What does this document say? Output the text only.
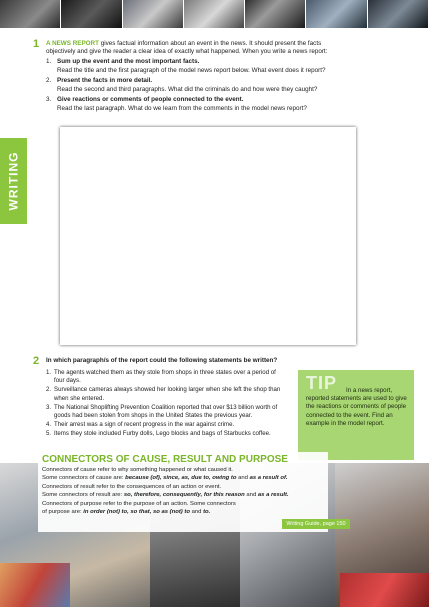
WRITING
1 A NEWS REPORT gives factual information about an event in the news. It should present the facts
objectively and give the reader a clear idea of exactly what happened. When you write a news report:
1. Sum up the event and the most important facts.
Read the title and the first paragraph of the model news report below. What event does it report?
2. Present the facts in more detail.
Read the second and third paragraphs. What did the criminals do and how were they caught?
3. Give reactions or comments of people connected to the event.
Read the last paragraph. What do we learn from the comments in the model news report?
2 In which paragraph/s of the report could the following statements be written?
1. The agents watched them as they stole from shops in three states over a period of four days.
2. Surveillance cameras always showed her looking larger when she left the shop than when she entered.
3. The National Shoplifting Prevention Coalition reported that over $13 billion worth of goods had been stolen from shops in the United States the previous year.
4. Their arrest was a sign of recent progress in the war against crime.
5. Items they stole included Furby dolls, Lego blocks and bags of Starbucks coffee.
TIP	In a news report, reported statements are used to give the reactions or comments of people connected to the event. Find an example in the model report.
CONNECTORS OF CAUSE, RESULT AND PURPOSE
Connectors of cause refer to why something happened or what caused it.
Some connectors of cause are: because (of), since, as, due to, owing to and as a result of.
Connectors of result refer to the consequences of an action or event.
Some connectors of result are: so, therefore, consequently, for this reason and as a result.
Connectors of purpose refer to the purpose of an action. Some connectors
of purpose are: in order (not) to, so that, so as (not) to and to.
Writing Guide, page 150
